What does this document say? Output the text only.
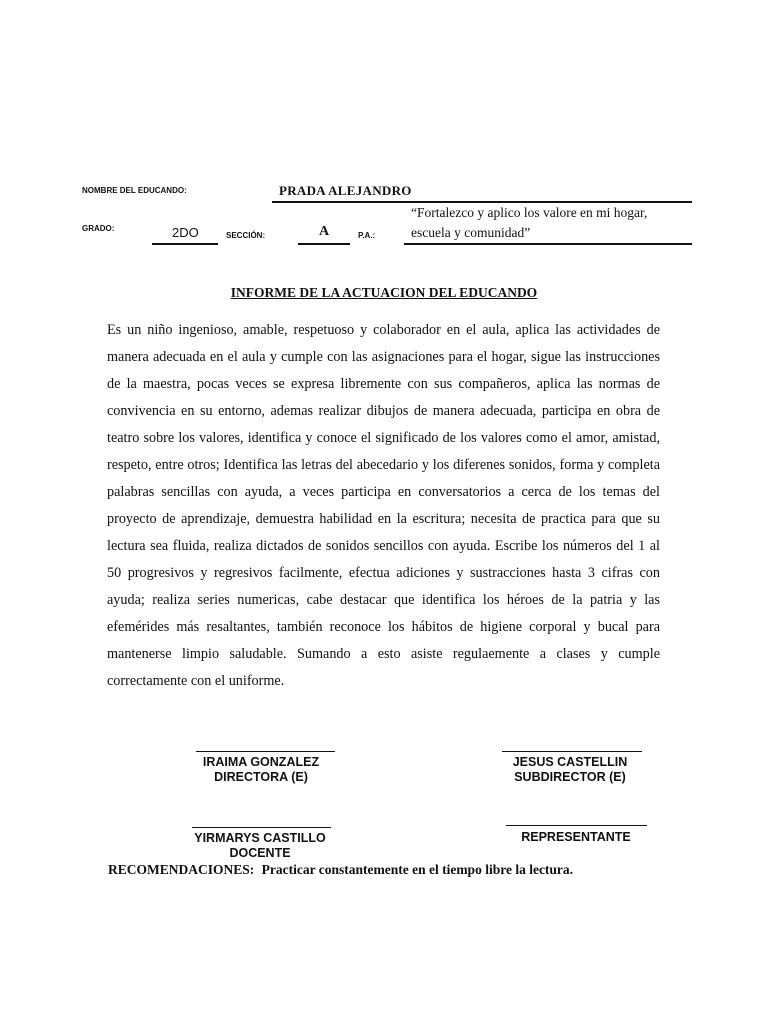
NOMBRE DEL EDUCANDO:	PRADA ALEJANDRO
GRADO:	2DO	SECCIÓN:	A	P.A.:
“Fortalezco y aplico los valore en mi hogar,
escuela y comunidad”
INFORME DE LA ACTUACION DEL EDUCANDO
Es un niño ingenioso, amable, respetuoso y colaborador en el aula, aplica las actividades de manera adecuada en el aula y cumple con las asignaciones para el hogar, sigue las instrucciones de la maestra, pocas veces se expresa libremente con sus compañeros, aplica las normas de convivencia en su entorno, ademas realizar dibujos de manera adecuada, participa en obra de teatro sobre los valores, identifica y conoce el significado de los valores como el amor, amistad, respeto, entre otros; Identifica las letras del abecedario y los diferenes sonidos, forma y completa palabras sencillas con ayuda, a veces participa en conversatorios a cerca de los temas del proyecto de aprendizaje, demuestra habilidad en la escritura; necesita de practica para que su lectura sea fluida, realiza dictados de sonidos sencillos con ayuda. Escribe los números del 1 al 50 progresivos y regresivos facilmente, efectua adiciones y sustracciones hasta 3 cifras con ayuda; realiza series numericas, cabe destacar que identifica los héroes de la patria y las efemérides más resaltantes, también reconoce los hábitos de higiene corporal y bucal para mantenerse limpio saludable. Sumando a esto asiste regulaemente a clases y cumple correctamente con el uniforme.
IRAIMA GONZALEZ
DIRECTORA (E)
JESUS CASTELLIN
SUBDIRECTOR (E)
YIRMARYS CASTILLO
DOCENTE
REPRESENTANTE
RECOMENDACIONES: Practicar constantemente en el tiempo libre la lectura.
